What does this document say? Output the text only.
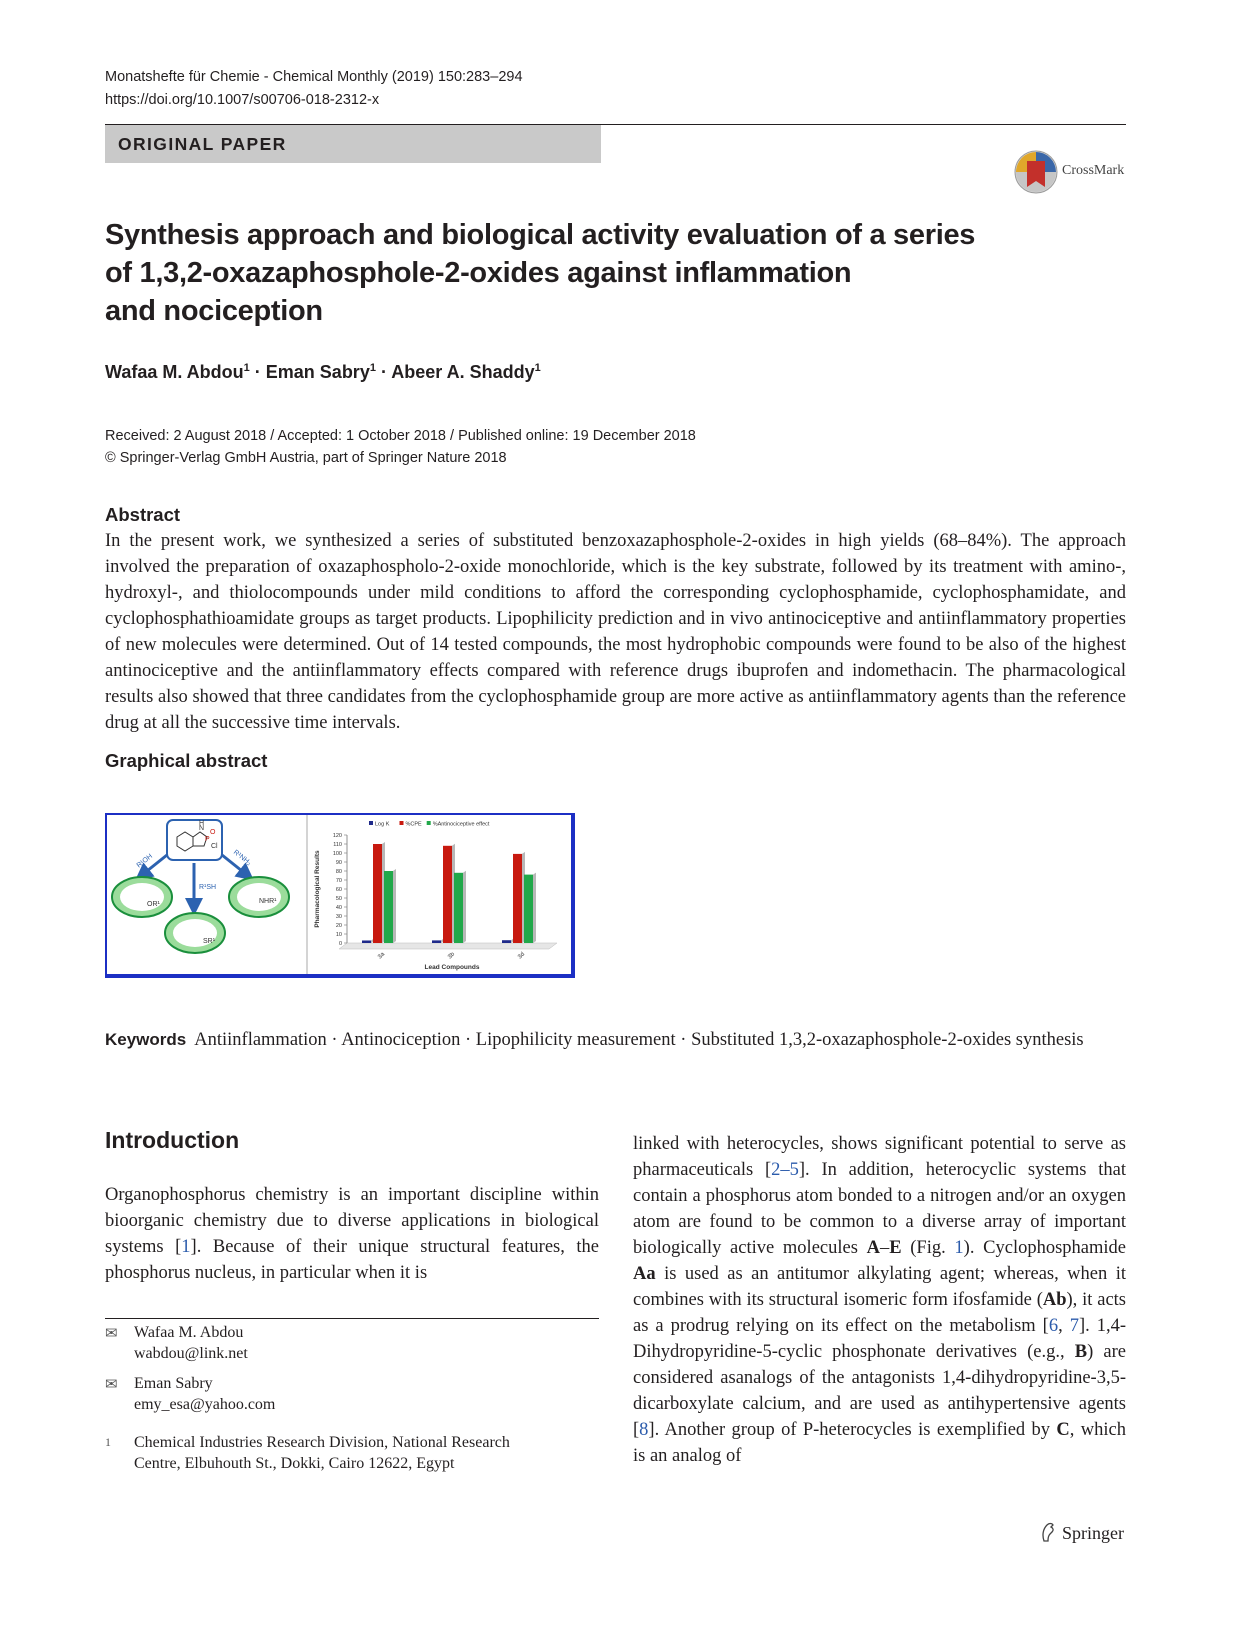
Monatshefte für Chemie - Chemical Monthly (2019) 150:283–294
https://doi.org/10.1007/s00706-018-2312-x
ORIGINAL PAPER
CrossMark
Synthesis approach and biological activity evaluation of a series
of 1,3,2-oxazaphosphole-2-oxides against inflammation
and nociception
Wafaa M. Abdou$^1$ · Eman Sabry$^1$ · Abeer A. Shaddy$^1$
Received: 2 August 2018 / Accepted: 1 October 2018 / Published online: 19 December 2018
© Springer-Verlag GmbH Austria, part of Springer Nature 2018
Abstract
In the present work, we synthesized a series of substituted benzoxazaphosphole-2-oxides in high yields (68–84%). The approach involved the preparation of oxazaphospholo-2-oxide monochloride, which is the key substrate, followed by its treatment with amino-, hydroxyl-, and thiolocompounds under mild conditions to afford the corresponding cyclophosphamide, cyclophosphamidate, and cyclophosphathioamidate groups as target products. Lipophilicity prediction and in vivo antinociceptive and antiinflammatory properties of new molecules were determined. Out of 14 tested compounds, the most hydrophobic compounds were found to be also of the highest antinociceptive and the antiinflammatory effects compared with reference drugs ibuprofen and indomethacin. The pharmacological results also showed that three candidates from the cyclophosphamide group are more active as antiinflammatory agents than the reference drug at all the successive time intervals.
Graphical abstract
N
H
P
O
Cl
R¹OH
R¹SH
R¹NH₂
OR¹
SR¹
NHR¹
0
10
20
30
40
50
60
70
80
90
100
110
120
3a	3b	3d
Log K	%CPE %Antinociceptive effect
Lead Compounds
Pharmacological Results
Keywords Antiinflammation · Antinociception · Lipophilicity measurement · Substituted 1,3,2-oxazaphosphole-2-oxides synthesis
Introduction
Organophosphorus chemistry is an important discipline within bioorganic chemistry due to diverse applications in biological systems [1]. Because of their unique structural features, the phosphorus nucleus, in particular when it is
linked with heterocycles, shows significant potential to serve as pharmaceuticals [2–5]. In addition, heterocyclic systems that contain a phosphorus atom bonded to a nitrogen and/or an oxygen atom are found to be common to a diverse array of important biologically active molecules A–E (Fig. 1). Cyclophosphamide Aa is used as an antitumor alkylating agent; whereas, when it combines with its structural isomeric form ifosfamide (Ab), it acts as a prodrug relying on its effect on the metabolism [6, 7]. 1,4-Dihydropyridine-5-cyclic phosphonate derivatives (e.g., B) are considered asanalogs of the antagonists 1,4-dihydropyridine-3,5-dicarboxylate calcium, and are used as antihypertensive agents [8]. Another group of P-heterocycles is exemplified by C, which is an analog of
✉ Wafaa M. Abdou
wabdou@link.net
✉ Eman Sabry
emy_esa@yahoo.com
1 Chemical Industries Research Division, National Research
Centre, Elbuhouth St., Dokki, Cairo 12622, Egypt
Springer
